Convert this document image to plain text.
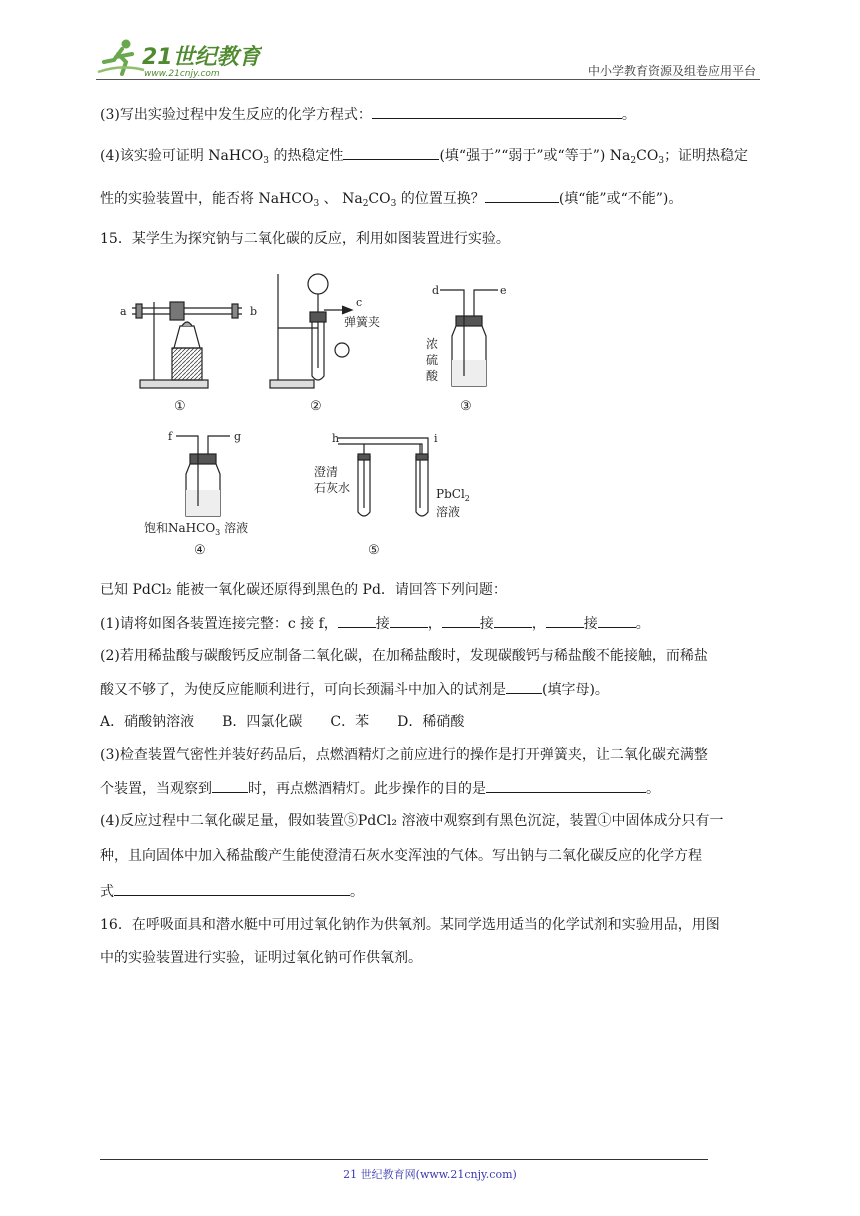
21世纪教育
www.21cnjy.com	中小学教育资源及组卷应用平台
(3)写出实验过程中发生反应的化学方程式：	。
(4)该实验可证明 NaHCO$_3$ 的热稳定性	(填“强于”“弱于”或“等于”) $Na_2CO_3$；证明热稳定
性的实验装置中，能否将 NaHCO$_3$ 、 $Na_2CO_3$ 的位置互换？	(填“能”或“不能”)。
15．某学生为探究钠与二氧化碳的反应，利用如图装置进行实验。
a	b
①
c
弹簧夹
②
d	e
浓
硫
酸
③
f	g
饱和NaHCO$_3$ 溶液
④
h	i
澄清
石灰水	PbCl$_2$
溶液
⑤
已知 PdCl₂ 能被一氧化碳还原得到黑色的 Pd．请回答下列问题：
(1)请将如图各装置连接完整：c 接 f，	接	，	接	，	接	。
(2)若用稀盐酸与碳酸钙反应制备二氧化碳，在加稀盐酸时，发现碳酸钙与稀盐酸不能接触，而稀盐
酸又不够了，为使反应能顺利进行，可向长颈漏斗中加入的试剂是	(填字母)。
A．硝酸钠溶液　　B．四氯化碳　　C．苯　　D．稀硝酸
(3)检查装置气密性并装好药品后，点燃酒精灯之前应进行的操作是打开弹簧夹，让二氧化碳充满整
个装置，当观察到	时，再点燃酒精灯。此步操作的目的是	。
(4)反应过程中二氧化碳足量，假如装置⑤PdCl₂ 溶液中观察到有黑色沉淀，装置①中固体成分只有一
种，且向固体中加入稀盐酸产生能使澄清石灰水变浑浊的气体。写出钠与二氧化碳反应的化学方程
式	。
16．在呼吸面具和潜水艇中可用过氧化钠作为供氧剂。某同学选用适当的化学试剂和实验用品，用图
中的实验装置进行实验，证明过氧化钠可作供氧剂。
21 世纪教育网(www.21cnjy.com)
